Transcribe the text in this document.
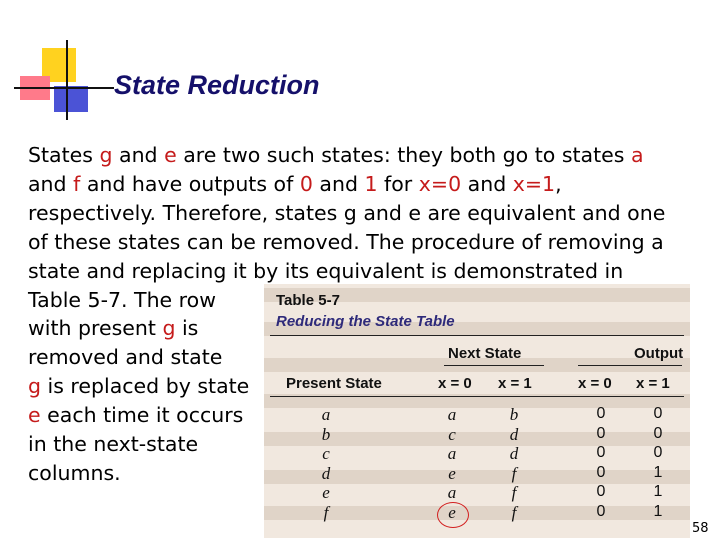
State Reduction
States g and e are two such states: they both go to states a
and f and have outputs of 0 and 1 for x=0 and x=1,
respectively. Therefore, states g and e are equivalent and one
of these states can be removed. The procedure of removing a
state and replacing it by its equivalent is demonstrated in
Table 5-7. The row
with present g is
removed and state
g is replaced by state
e each time it occurs
in the next-state
columns.
Table 5-7
Reducing the State Table
Next State	Output
Present State	x = 0 x = 1	x = 0 x = 1
a	a	b	0	0
b	c	d	0	0
c	a	d	0	0
d	e	f	0	1
e	a	f	0	1
f	e	f	0	1
58
